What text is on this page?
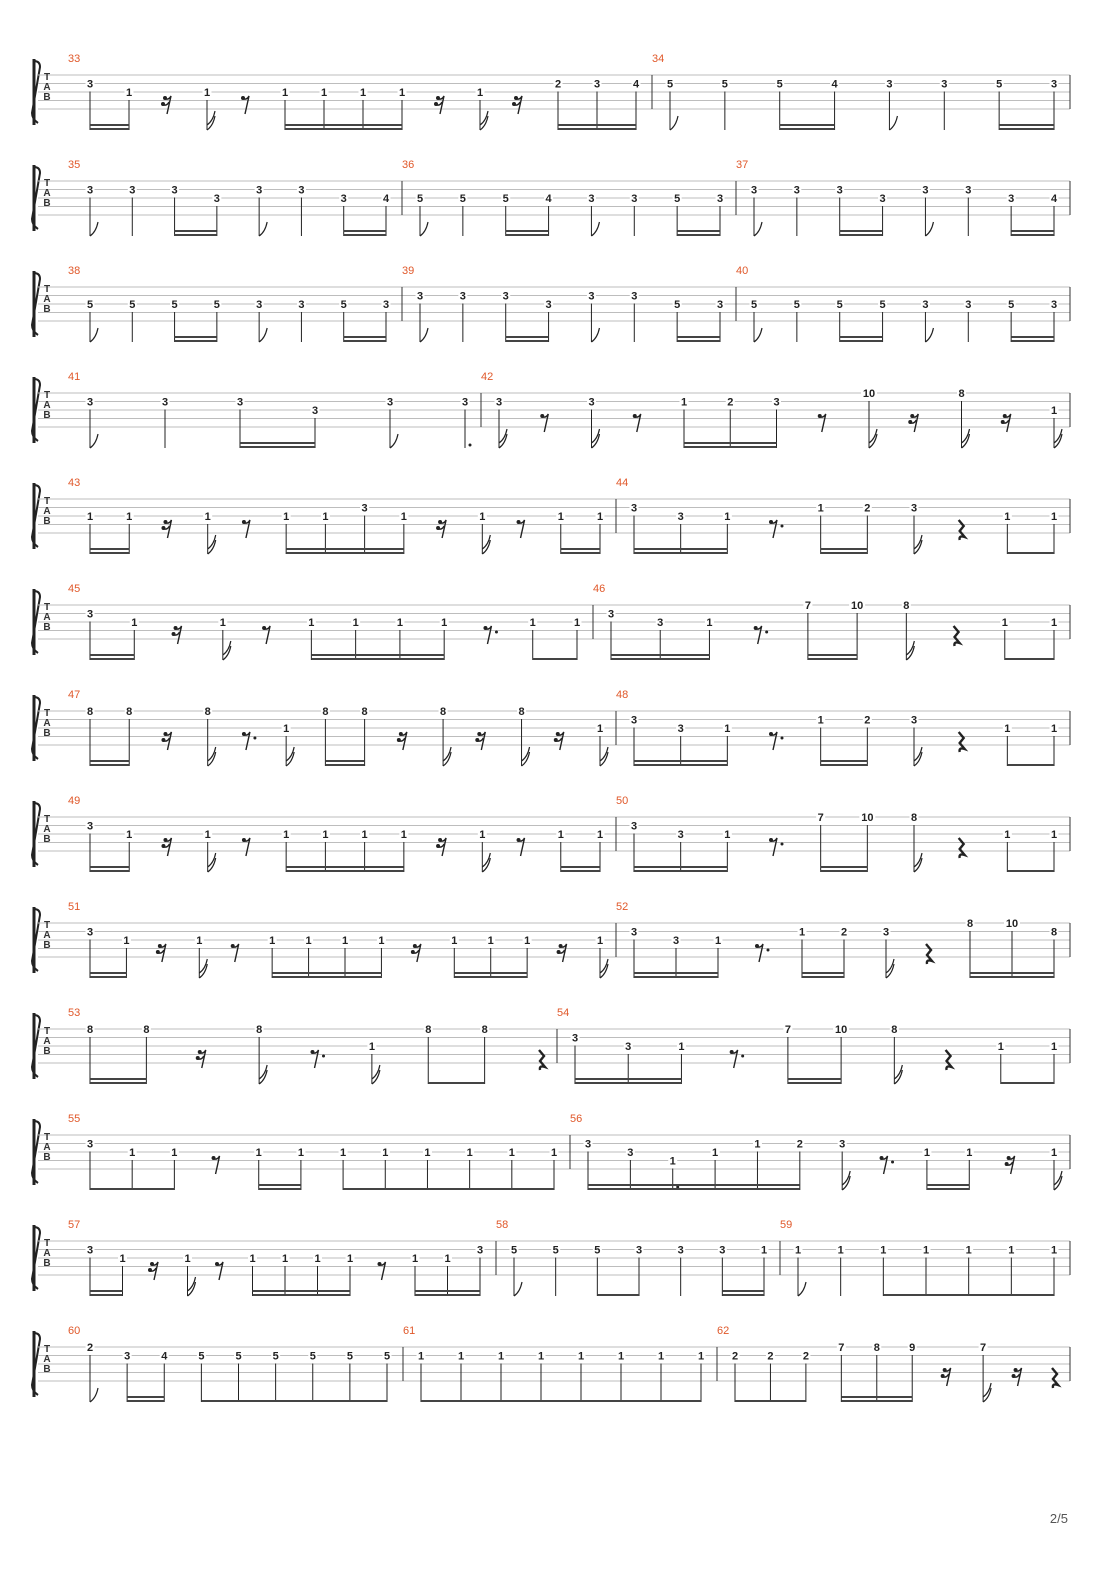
T
A
B
33
3
1	1	1	1	1	1	1
2	3	4
34
5	5	5	4	3	3	5	3
T
A
B
35
3	3	3
3
3	3
3	4
36
5	5	5	4	3	3	5	3
37
3	3	3
3
3	3
3	4
T
A
B
38
5	5	5	5	3	3	5	3
39
3	3	3
3
3	3
5	3
40
5	5	5	5	3	3	5	3
T
A
B
41
3	3	3
3
3	3
42
3	3	1	2	3
10	8
1
T
A
B
43
1	1	1	1	1
3
1	1	1	1
44
3
3	1
1	2	3
1	1
T
A
B
45
3
1	1	1	1	1	1	1	1
46
3
3	1
7	10	8
1	1
T
A
B
47
8	8	8
1
8	8	8	8
1
48
3
3	1
1	2	3
1	1
T
A
B
49
3
1	1	1	1	1	1	1	1	1
50
3
3	1
7	10	8
1	1
T
A
B
51
3
1	1	1	1	1	1	1	1	1	1
52
3
3	1
1	2	3
8	10
8
T
A
B
53
8	8	8
1
8	8
54
3
3	1
7	10	8
1	1
T
A
B
55
3
1	1	1	1	1	1	1	1	1	1
56
3
3
1
1
1	2	3
1	1	1
T
A
B
57
3
1	1	1 1 1 1	1 1
3
58
5	5	5	3	3	3	1
59
1	1	1	1	1	1	1
T
A
B
60
2
3	4	5	5	5	5	5	5
61
1	1	1	1	1	1	1	1
62
2	2	2
7	8	9	7
2/5
